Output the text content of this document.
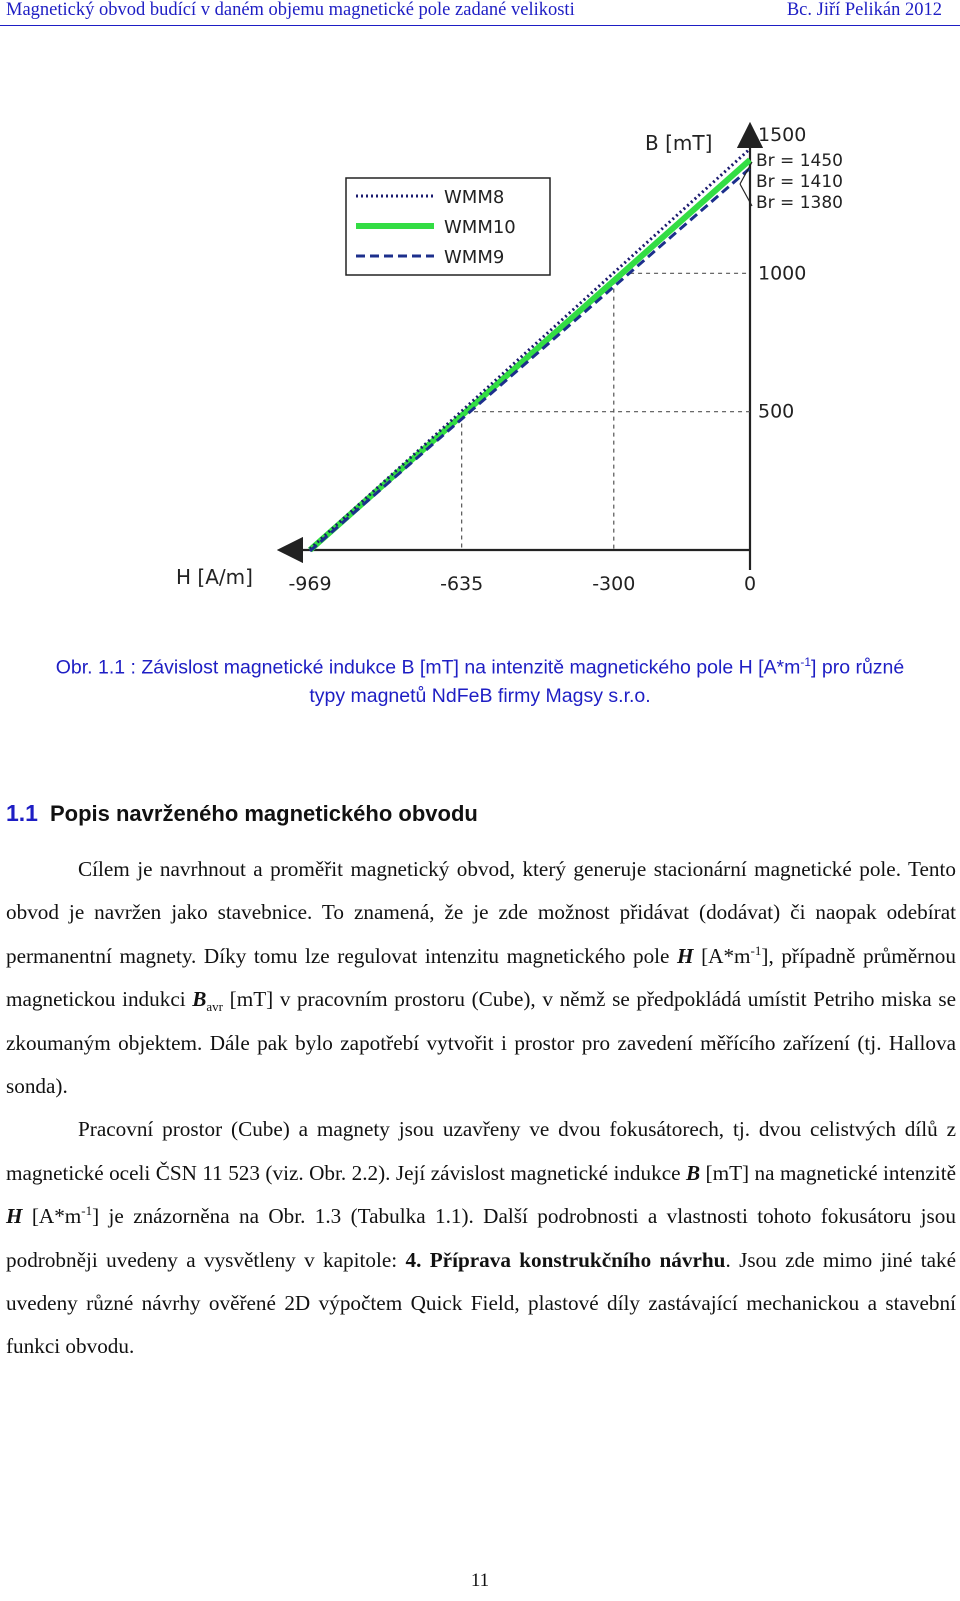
Magnetický obvod budící v daném objemu magnetické pole zadané velikosti	Bc. Jiří Pelikán 2012
500
1000
1500
-969	-635	-300	0
B [mT]
H [A/m]
Br = 1450
Br = 1410
Br = 1380
WMM8
WMM10
WMM9
Obr. 1.1 : Závislost magnetické indukce B [mT] na intenzitě magnetického pole H $[A*m^{-1}]$ pro různé
typy magnetů NdFeB firmy Magsy s.r.o.
1.1 Popis navrženého magnetického obvodu

Cílem je navrhnout a proměřit magnetický obvod, který generuje stacionární magnetické pole. Tento obvod je navržen jako stavebnice. To znamená, že je zde možnost přidávat (dodávat) či naopak odebírat permanentní magnety. Díky tomu lze regulovat intenzitu magnetického pole H $[A*m^{-1}]$, případně průměrnou magnetickou indukci $B_{avr}$ [mT] v pracovním prostoru (Cube), v němž se předpokládá umístit Petriho miska se zkoumaným objektem. Dále pak bylo zapotřebí vytvořit i prostor pro zavedení měřícího zařízení (tj. Hallova sonda).

Pracovní prostor (Cube) a magnety jsou uzavřeny ve dvou fokusátorech, tj. dvou celistvých dílů z magnetické oceli ČSN 11 523 (viz. Obr. 2.2). Její závislost magnetické indukce B [mT] na magnetické intenzitě H $[A*m^{-1}]$ je znázorněna na Obr. 1.3 (Tabulka 1.1). Další podrobnosti a vlastnosti tohoto fokusátoru jsou podrobněji uvedeny a vysvětleny v kapitole: 4. Příprava konstrukčního návrhu. Jsou zde mimo jiné také uvedeny různé návrhy ověřené 2D výpočtem Quick Field, plastové díly zastávající mechanickou a stavební funkci obvodu.

11
